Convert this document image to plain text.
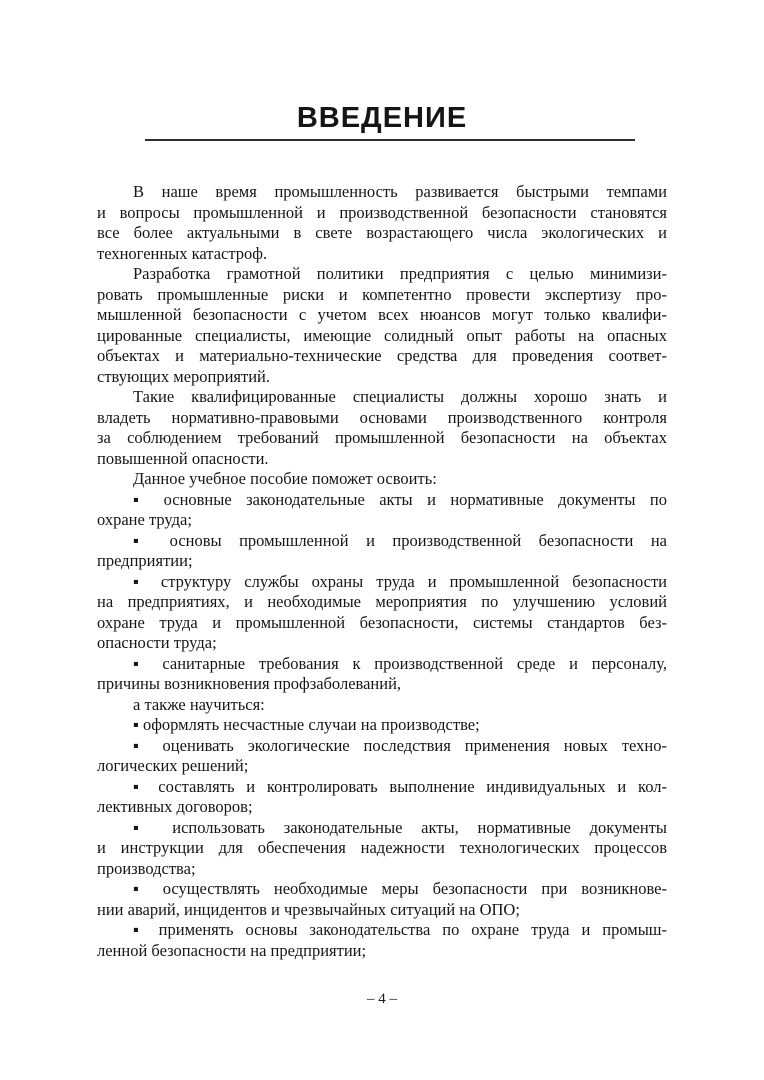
ВВЕДЕНИЕ
В наше время промышленность развивается быстрыми темпами
и вопросы промышленной и производственной безопасности становятся
все более актуальными в свете возрастающего числа экологических и
техногенных катастроф.
Разработка грамотной политики предприятия с целью минимизи-
ровать промышленные риски и компетентно провести экспертизу про-
мышленной безопасности с учетом всех нюансов могут только квалифи-
цированные специалисты, имеющие солидный опыт работы на опасных
объектах и материально-технические средства для проведения соответ-
ствующих мероприятий.
Такие квалифицированные специалисты должны хорошо знать и
владеть нормативно-правовыми основами производственного контроля
за соблюдением требований промышленной безопасности на объектах
повышенной опасности.
Данное учебное пособие поможет освоить:
▪ основные законодательные акты и нормативные документы по
охране труда;
▪ основы промышленной и производственной безопасности на
предприятии;
▪ структуру службы охраны труда и промышленной безопасности
на предприятиях, и необходимые мероприятия по улучшению условий
охране труда и промышленной безопасности, системы стандартов без-
опасности труда;
▪ санитарные требования к производственной среде и персоналу,
причины возникновения профзаболеваний,
а также научиться:
▪ оформлять несчастные случаи на производстве;
▪ оценивать экологические последствия применения новых техно-
логических решений;
▪ составлять и контролировать выполнение индивидуальных и кол-
лективных договоров;
▪ использовать законодательные акты, нормативные документы
и инструкции для обеспечения надежности технологических процессов
производства;
▪ осуществлять необходимые меры безопасности при возникнове-
нии аварий, инцидентов и чрезвычайных ситуаций на ОПО;
▪ применять основы законодательства по охране труда и промыш-
ленной безопасности на предприятии;
– 4 –
